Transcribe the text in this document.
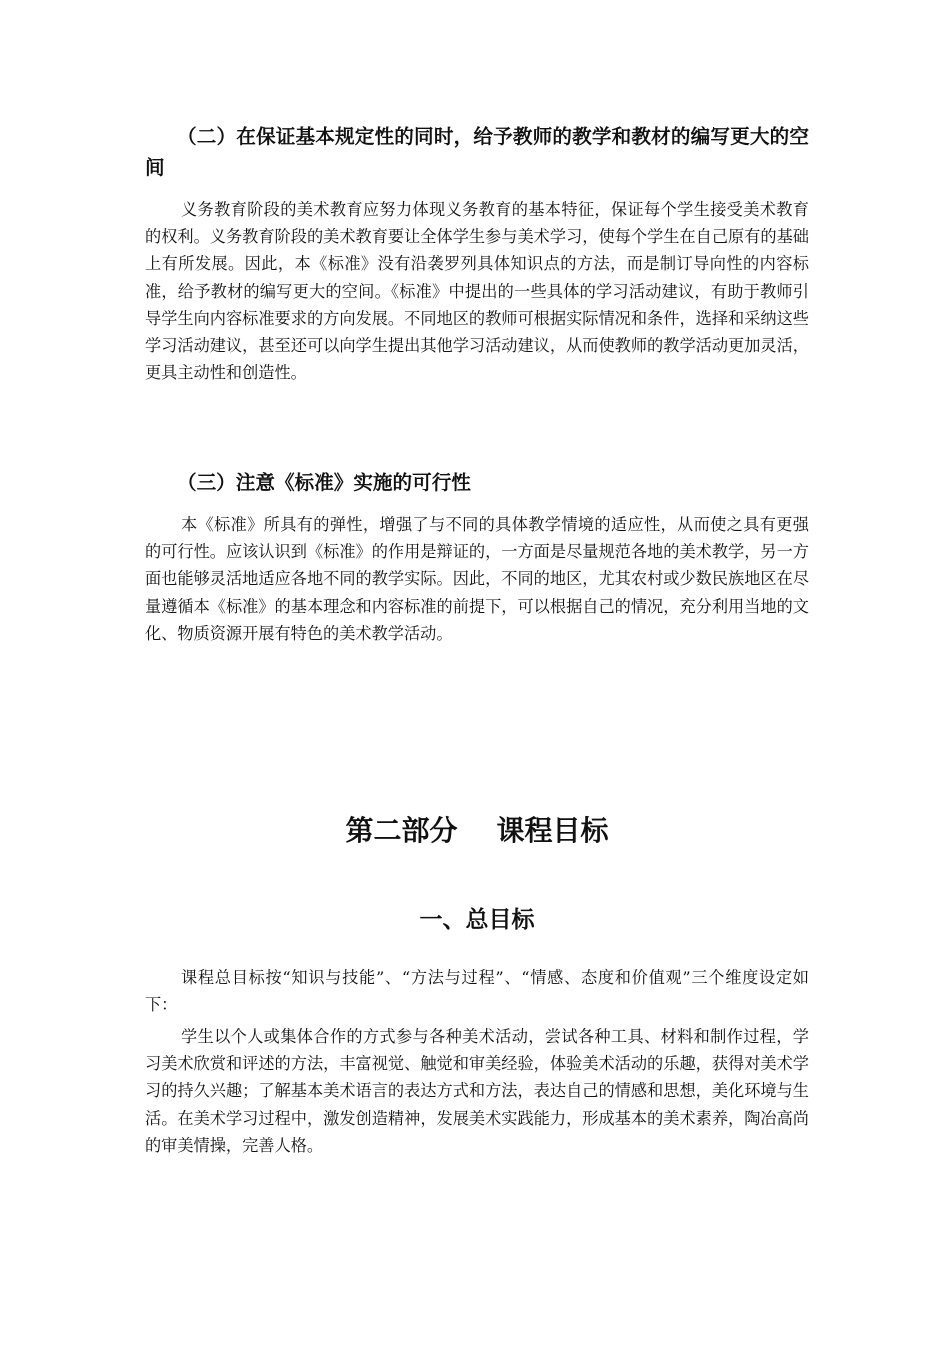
（二）在保证基本规定性的同时，给予教师的教学和教材的编写更大的空间

义务教育阶段的美术教育应努力体现义务教育的基本特征，保证每个学生接受美术教育的权利。义务教育阶段的美术教育要让全体学生参与美术学习，使每个学生在自己原有的基础上有所发展。因此，本《标准》没有沿袭罗列具体知识点的方法，而是制订导向性的内容标准，给予教材的编写更大的空间。《标准》中提出的一些具体的学习活动建议，有助于教师引导学生向内容标准要求的方向发展。不同地区的教师可根据实际情况和条件，选择和采纳这些学习活动建议，甚至还可以向学生提出其他学习活动建议，从而使教师的教学活动更加灵活，更具主动性和创造性。

（三）注意《标准》实施的可行性

本《标准》所具有的弹性，增强了与不同的具体教学情境的适应性，从而使之具有更强的可行性。应该认识到《标准》的作用是辩证的，一方面是尽量规范各地的美术教学，另一方面也能够灵活地适应各地不同的教学实际。因此，不同的地区，尤其农村或少数民族地区在尽量遵循本《标准》的基本理念和内容标准的前提下，可以根据自己的情况，充分利用当地的文化、物质资源开展有特色的美术教学活动。

第二部分    课程目标
一、总目标

课程总目标按“知识与技能”、“方法与过程”、“情感、态度和价值观”三个维度设定如下：

学生以个人或集体合作的方式参与各种美术活动，尝试各种工具、材料和制作过程，学习美术欣赏和评述的方法，丰富视觉、触觉和审美经验，体验美术活动的乐趣，获得对美术学习的持久兴趣；了解基本美术语言的表达方式和方法，表达自己的情感和思想，美化环境与生活。在美术学习过程中，激发创造精神，发展美术实践能力，形成基本的美术素养，陶冶高尚的审美情操，完善人格。
